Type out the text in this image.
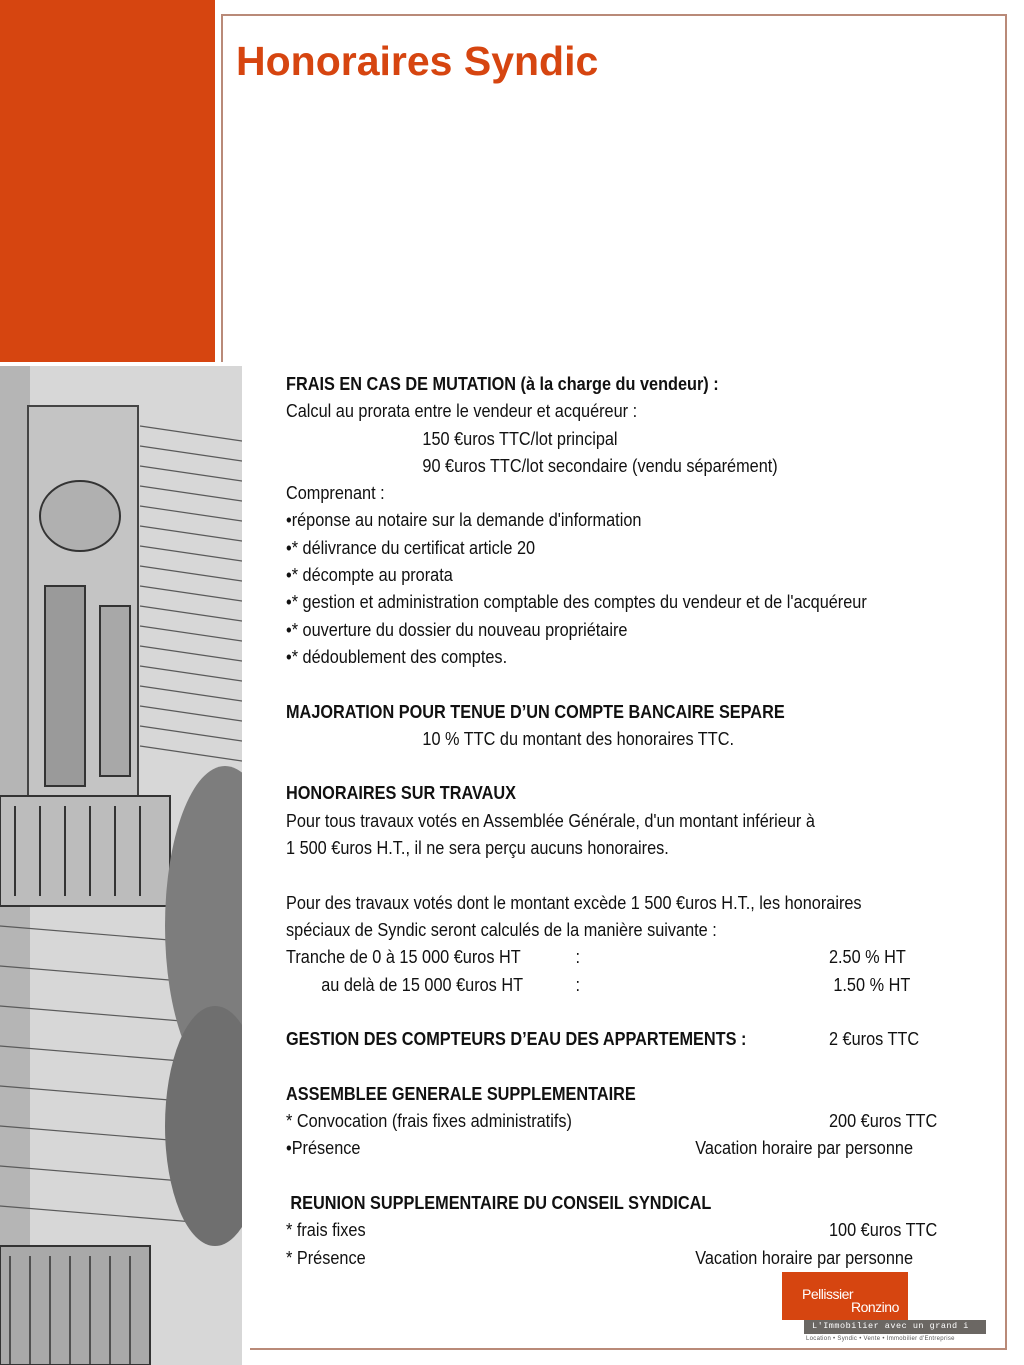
Honoraires Syndic
FRAIS EN CAS DE MUTATION (à la charge du vendeur) :
Calcul au prorata entre le vendeur et acquéreur :
150 €uros TTC/lot principal
90 €uros TTC/lot secondaire (vendu séparément)
Comprenant :
•réponse au notaire sur la demande d'information
•* délivrance du certificat article 20
•* décompte au prorata
•* gestion et administration comptable des comptes du vendeur et de l'acquéreur
•* ouverture du dossier du nouveau propriétaire
•* dédoublement des comptes.
MAJORATION POUR TENUE D’UN COMPTE BANCAIRE SEPARE
10 % TTC du montant des honoraires TTC.
HONORAIRES SUR TRAVAUX
Pour tous travaux votés en Assemblée Générale, d'un montant inférieur à
1 500 €uros H.T., il ne sera perçu aucuns honoraires.
Pour des travaux votés dont le montant excède 1 500 €uros H.T., les honoraires
spéciaux de Syndic seront calculés de la manière suivante :
Tranche de 0 à 15 000 €uros HT	:	2.50 % HT
au delà de 15 000 €uros HT	:	1.50 % HT
GESTION DES COMPTEURS D’EAU DES APPARTEMENTS :	2 €uros TTC
ASSEMBLEE GENERALE SUPPLEMENTAIRE
* Convocation (frais fixes administratifs)	200 €uros TTC
•Présence	Vacation horaire par personne
REUNION SUPPLEMENTAIRE DU CONSEIL SYNDICAL
* frais fixes	100 €uros TTC
* Présence	Vacation horaire par personne
Pellissier
Ronzino
L'Immobilier avec un grand i
Location • Syndic • Vente • Immobilier d'Entreprise
